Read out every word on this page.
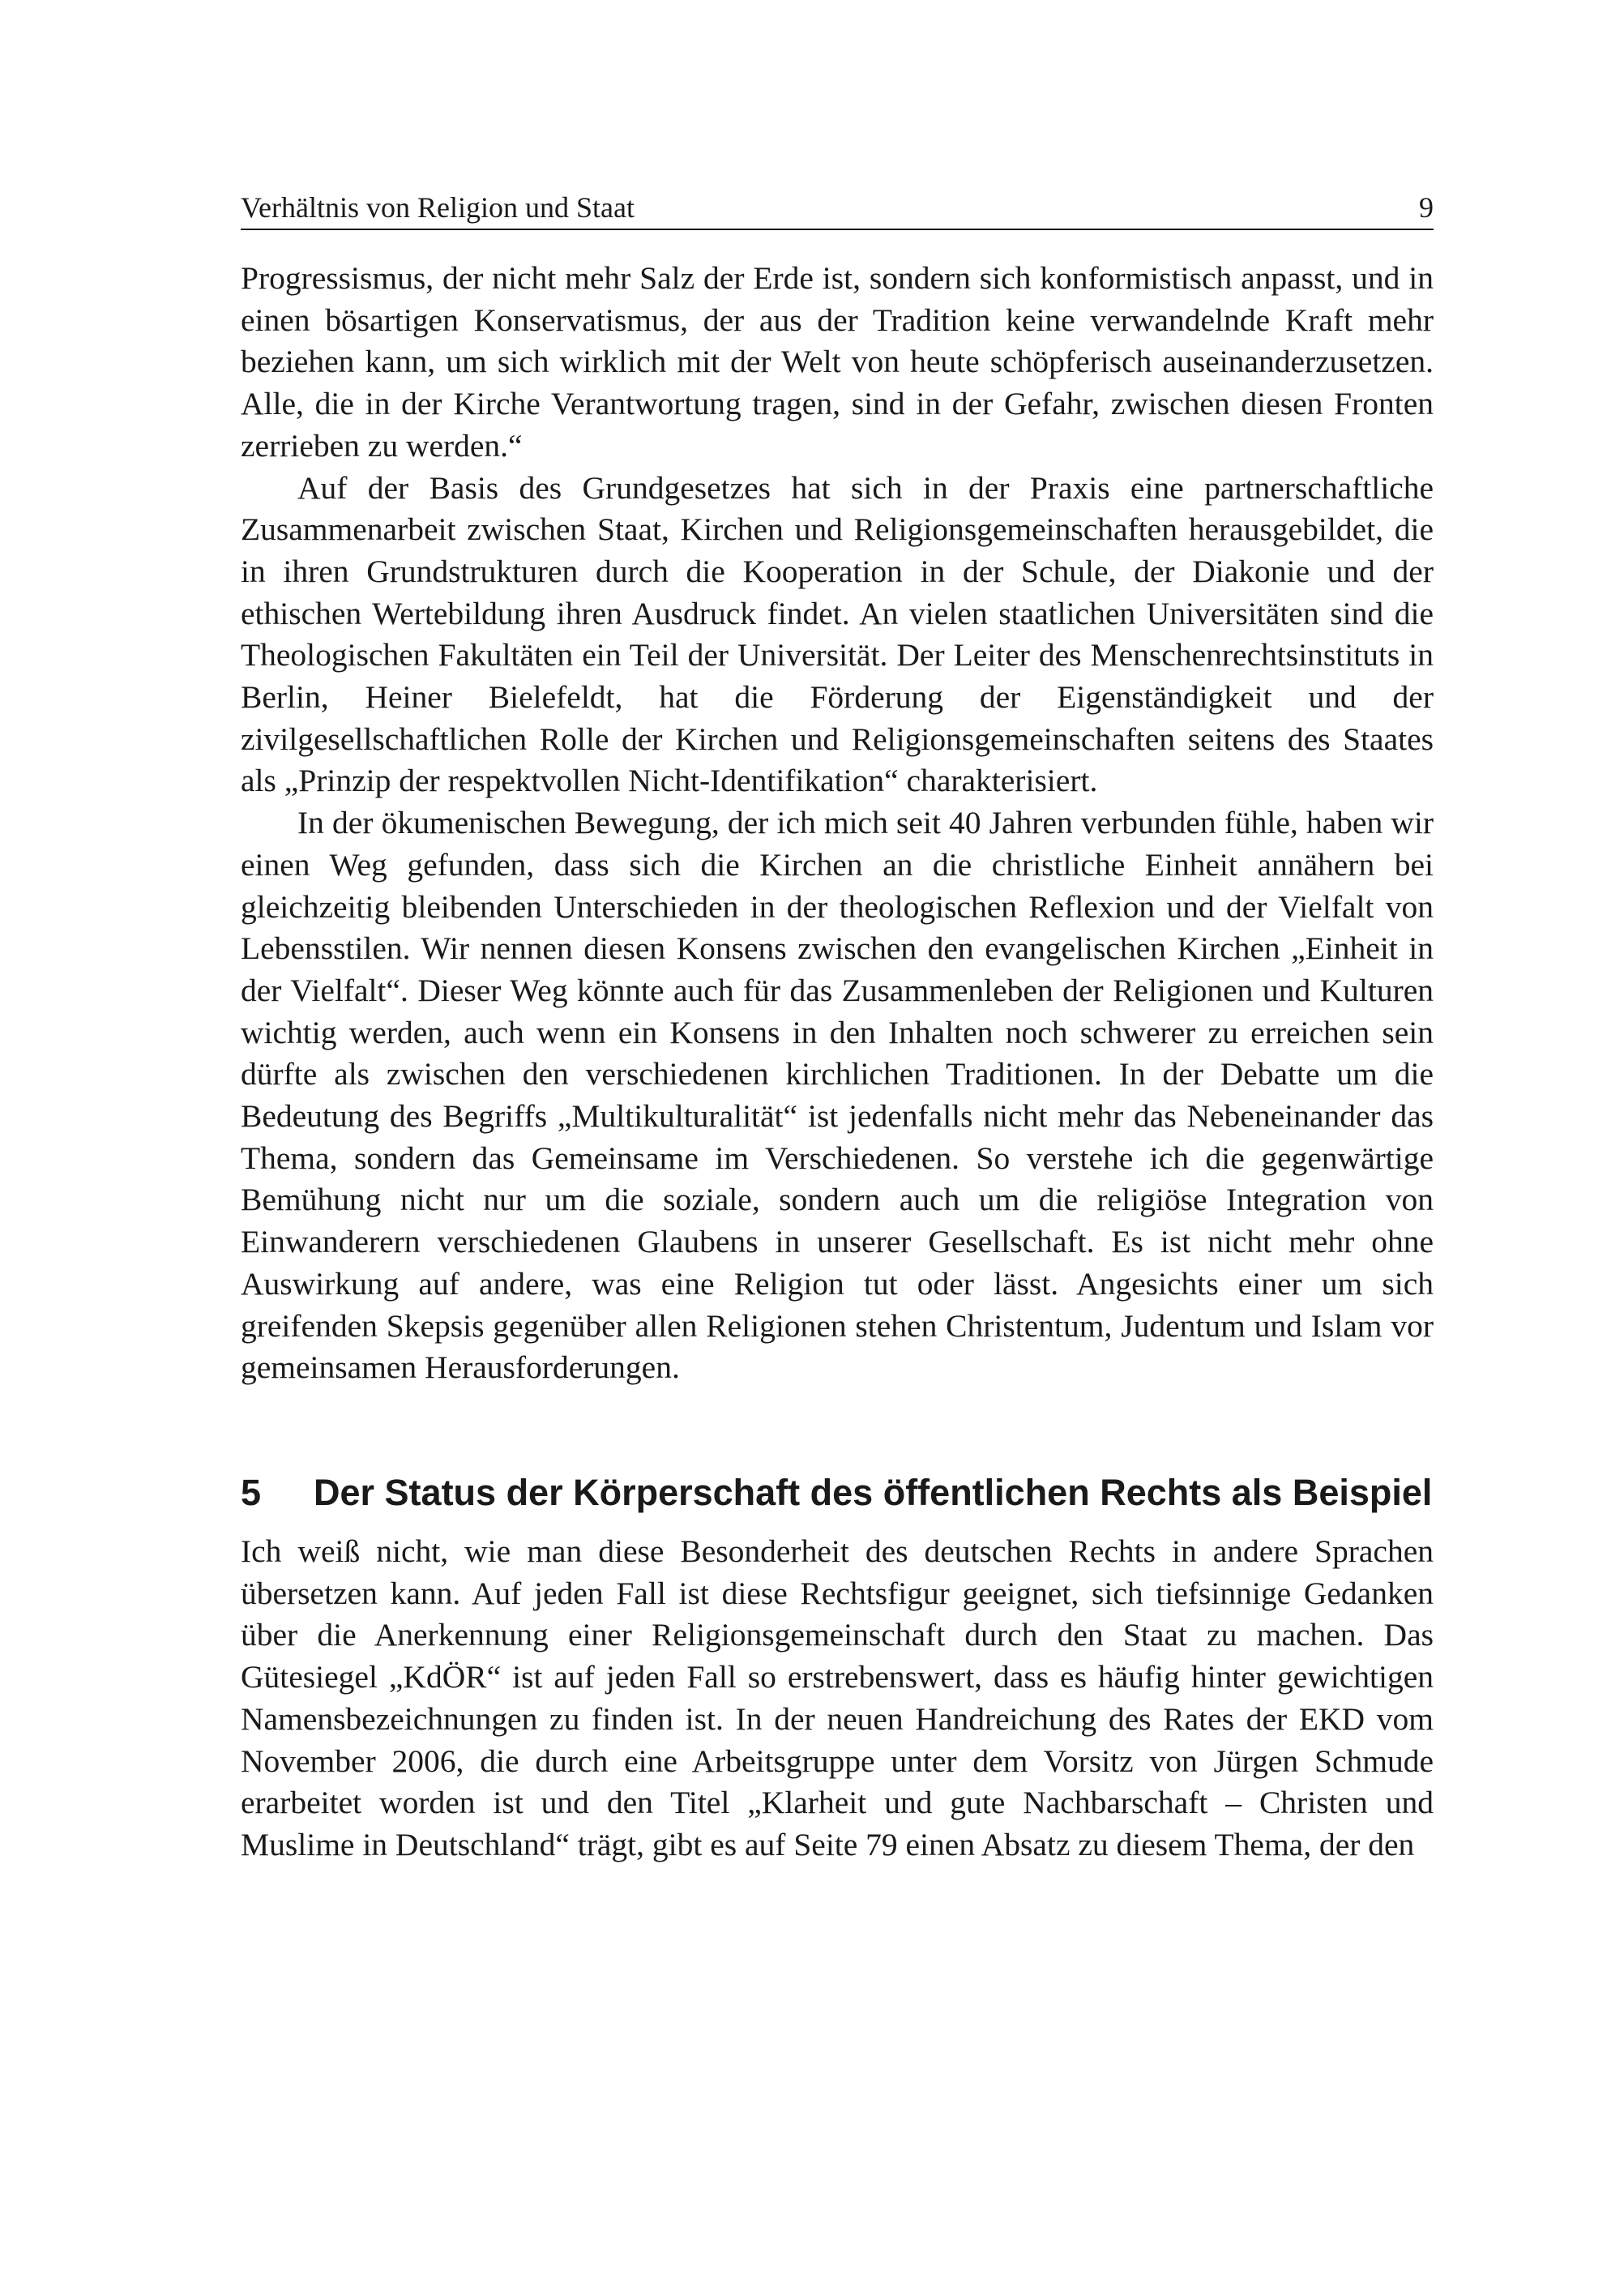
Verhältnis von Religion und Staat	9

Progressismus, der nicht mehr Salz der Erde ist, sondern sich konformistisch anpasst, und in einen bösartigen Konservatismus, der aus der Tradition keine verwandelnde Kraft mehr beziehen kann, um sich wirklich mit der Welt von heute schöpferisch auseinanderzusetzen. Alle, die in der Kirche Verantwortung tragen, sind in der Gefahr, zwischen diesen Fronten zerrieben zu werden.“

Auf der Basis des Grundgesetzes hat sich in der Praxis eine partnerschaftliche Zusammenarbeit zwischen Staat, Kirchen und Religionsgemeinschaften herausgebildet, die in ihren Grundstrukturen durch die Kooperation in der Schule, der Diakonie und der ethischen Wertebildung ihren Ausdruck findet. An vielen staatlichen Universitäten sind die Theologischen Fakultäten ein Teil der Universität. Der Leiter des Menschenrechtsinstituts in Berlin, Heiner Bielefeldt, hat die Förderung der Eigenständigkeit und der zivilgesellschaftlichen Rolle der Kirchen und Religionsgemeinschaften seitens des Staates als „Prinzip der respektvollen Nicht-Identifikation“ charakterisiert.

In der ökumenischen Bewegung, der ich mich seit 40 Jahren verbunden fühle, haben wir einen Weg gefunden, dass sich die Kirchen an die christliche Einheit annähern bei gleichzeitig bleibenden Unterschieden in der theologischen Reflexion und der Vielfalt von Lebensstilen. Wir nennen diesen Konsens zwischen den evangelischen Kirchen „Einheit in der Vielfalt“. Dieser Weg könnte auch für das Zusammenleben der Religionen und Kulturen wichtig werden, auch wenn ein Konsens in den Inhalten noch schwerer zu erreichen sein dürfte als zwischen den verschiedenen kirchlichen Traditionen. In der Debatte um die Bedeutung des Begriffs „Multikulturalität“ ist jedenfalls nicht mehr das Nebeneinander das Thema, sondern das Gemeinsame im Verschiedenen. So verstehe ich die gegenwärtige Bemühung nicht nur um die soziale, sondern auch um die religiöse Integration von Einwanderern verschiedenen Glaubens in unserer Gesellschaft. Es ist nicht mehr ohne Auswirkung auf andere, was eine Religion tut oder lässt. Angesichts einer um sich greifenden Skepsis gegenüber allen Religionen stehen Christentum, Judentum und Islam vor gemeinsamen Herausforderungen.

5	Der Status der Körperschaft des öffentlichen Rechts als Beispiel

Ich weiß nicht, wie man diese Besonderheit des deutschen Rechts in andere Sprachen übersetzen kann. Auf jeden Fall ist diese Rechtsfigur geeignet, sich tiefsinnige Gedanken über die Anerkennung einer Religionsgemeinschaft durch den Staat zu machen. Das Gütesiegel „KdÖR“ ist auf jeden Fall so erstrebenswert, dass es häufig hinter gewichtigen Namensbezeichnungen zu finden ist. In der neuen Handreichung des Rates der EKD vom November 2006, die durch eine Arbeitsgruppe unter dem Vorsitz von Jürgen Schmude erarbeitet worden ist und den Titel „Klarheit und gute Nachbarschaft – Christen und Muslime in Deutschland“ trägt, gibt es auf Seite 79 einen Absatz zu diesem Thema, der den
